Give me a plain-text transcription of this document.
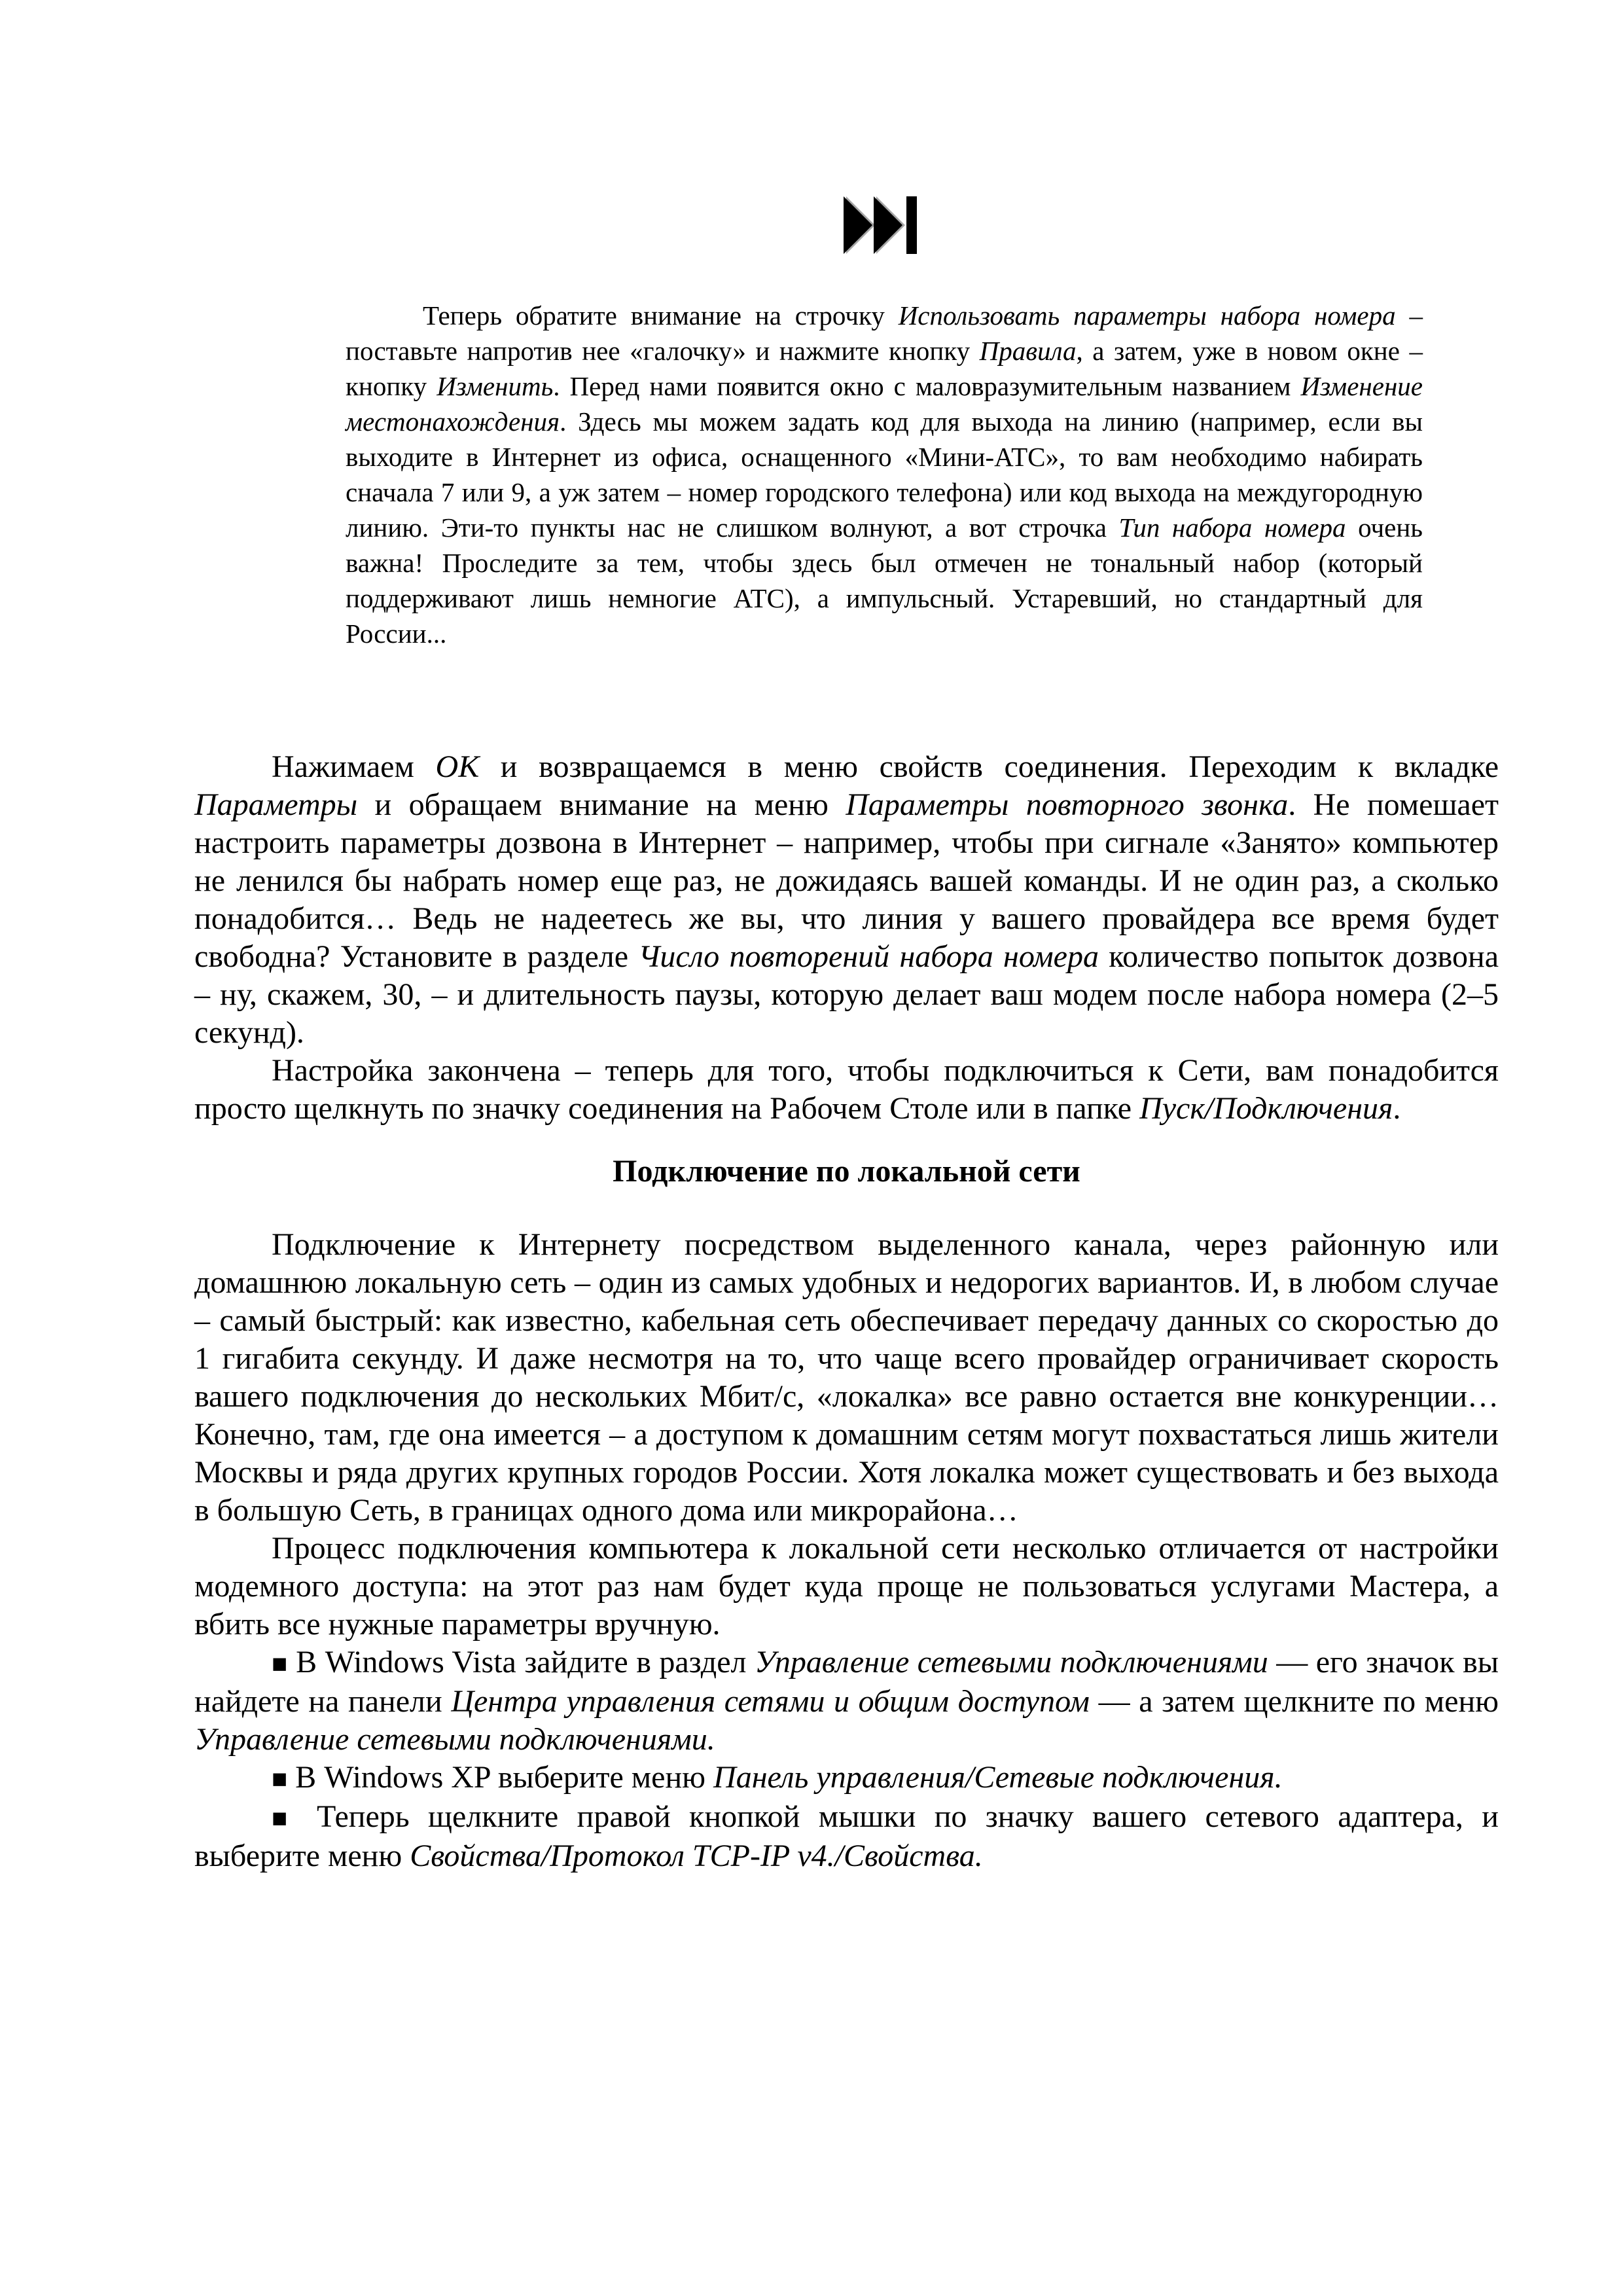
Теперь обратите внимание на строчку Использовать параметры набора номера – поставьте напротив нее «галочку» и нажмите кнопку Правила, а затем, уже в новом окне – кнопку Изменить. Перед нами появится окно с маловразумительным названием Изменение местонахождения. Здесь мы можем задать код для выхода на линию (например, если вы выходите в Интернет из офиса, оснащенного «Мини-АТС», то вам необходимо набирать сначала 7 или 9, а уж затем – номер городского телефона) или код выхода на междугородную линию. Эти-то пункты нас не слишком волнуют, а вот строчка Тип набора номера очень важна! Проследите за тем, чтобы здесь был отмечен не тональный набор (который поддерживают лишь немногие АТС), а импульсный. Устаревший, но стандартный для России...

Нажимаем ОК и возвращаемся в меню свойств соединения. Переходим к вкладке Параметры и обращаем внимание на меню Параметры повторного звонка. Не помешает настроить параметры дозвона в Интернет – например, чтобы при сигнале «Занято» компьютер не ленился бы набрать номер еще раз, не дожидаясь вашей команды. И не один раз, а сколько понадобится… Ведь не надеетесь же вы, что линия у вашего провайдера все время будет свободна? Установите в разделе Число повторений набора номера количество попыток дозвона – ну, скажем, 30, – и длительность паузы, которую делает ваш модем после набора номера (2–5 секунд).

Настройка закончена – теперь для того, чтобы подключиться к Сети, вам понадобится просто щелкнуть по значку соединения на Рабочем Столе или в папке Пуск/Подключения.

Подключение по локальной сети

Подключение к Интернету посредством выделенного канала, через районную или домашнюю локальную сеть – один из самых удобных и недорогих вариантов. И, в любом случае – самый быстрый: как известно, кабельная сеть обеспечивает передачу данных со скоростью до 1 гигабита секунду. И даже несмотря на то, что чаще всего провайдер ограничивает скорость вашего подключения до нескольких Мбит/с, «локалка» все равно остается вне конкуренции… Конечно, там, где она имеется – а доступом к домашним сетям могут похвастаться лишь жители Москвы и ряда других крупных городов России. Хотя локалка может существовать и без выхода в большую Сеть, в границах одного дома или микрорайона…

Процесс подключения компьютера к локальной сети несколько отличается от настройки модемного доступа: на этот раз нам будет куда проще не пользоваться услугами Мастера, а вбить все нужные параметры вручную.

■ В Windows Vista зайдите в раздел Управление сетевыми подключениями — его значок вы найдете на панели Центра управления сетями и общим доступом — а затем щелкните по меню Управление сетевыми подключениями.

■ В Windows XP выберите меню Панель управления/Сетевые подключения.

■ Теперь щелкните правой кнопкой мышки по значку вашего сетевого адаптера, и выберите меню Свойства/Протокол TCP-IP v4./Свойства.
